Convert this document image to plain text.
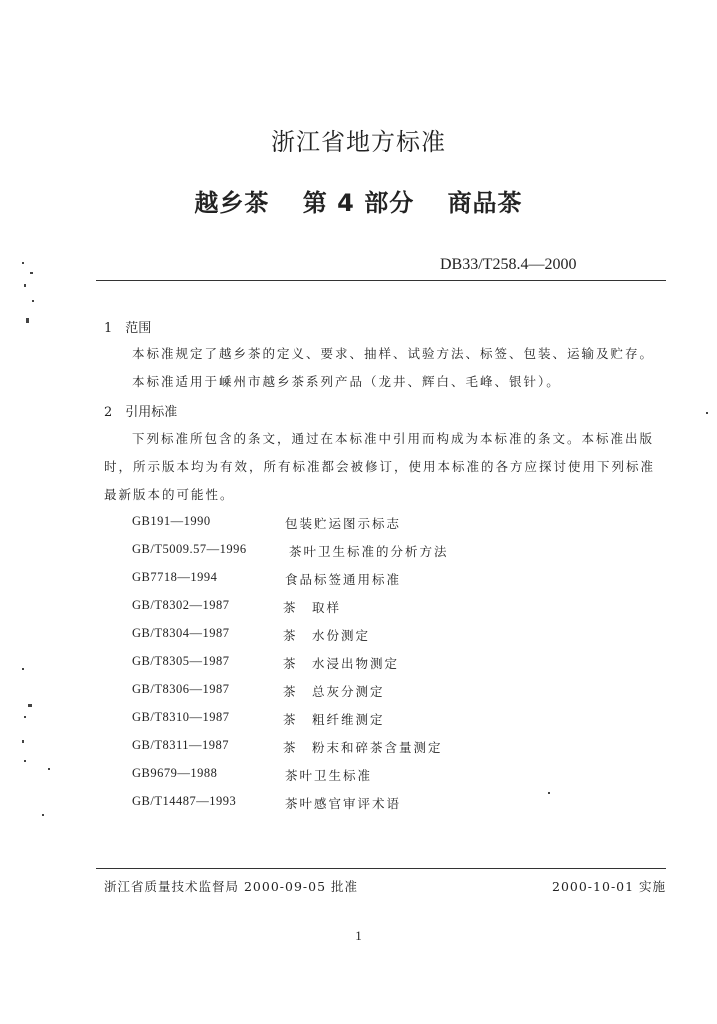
浙江省地方标准
越乡茶 第 4 部分 商品茶
DB33/T258.4—2000
1　范围
本标准规定了越乡茶的定义、要求、抽样、试验方法、标签、包装、运输及贮存。
本标准适用于嵊州市越乡茶系列产品（龙井、辉白、毛峰、银针）。
2　引用标准
下列标准所包含的条文，通过在本标准中引用而构成为本标准的条文。本标准出版
时，所示版本均为有效，所有标准都会被修订，使用本标准的各方应探讨使用下列标准
最新版本的可能性。
GB191—1990	包装贮运图示标志
GB/T5009.57—1996	茶叶卫生标准的分析方法
GB7718—1994	食品标签通用标准
GB/T8302—1987	茶　取样
GB/T8304—1987	茶　水份测定
GB/T8305—1987	茶　水浸出物测定
GB/T8306—1987	茶　总灰分测定
GB/T8310—1987	茶　粗纤维测定
GB/T8311—1987	茶　粉末和碎茶含量测定
GB9679—1988	茶叶卫生标准
GB/T14487—1993	茶叶感官审评术语
浙江省质量技术监督局 2000-09-05 批准	2000-10-01 实施
1
